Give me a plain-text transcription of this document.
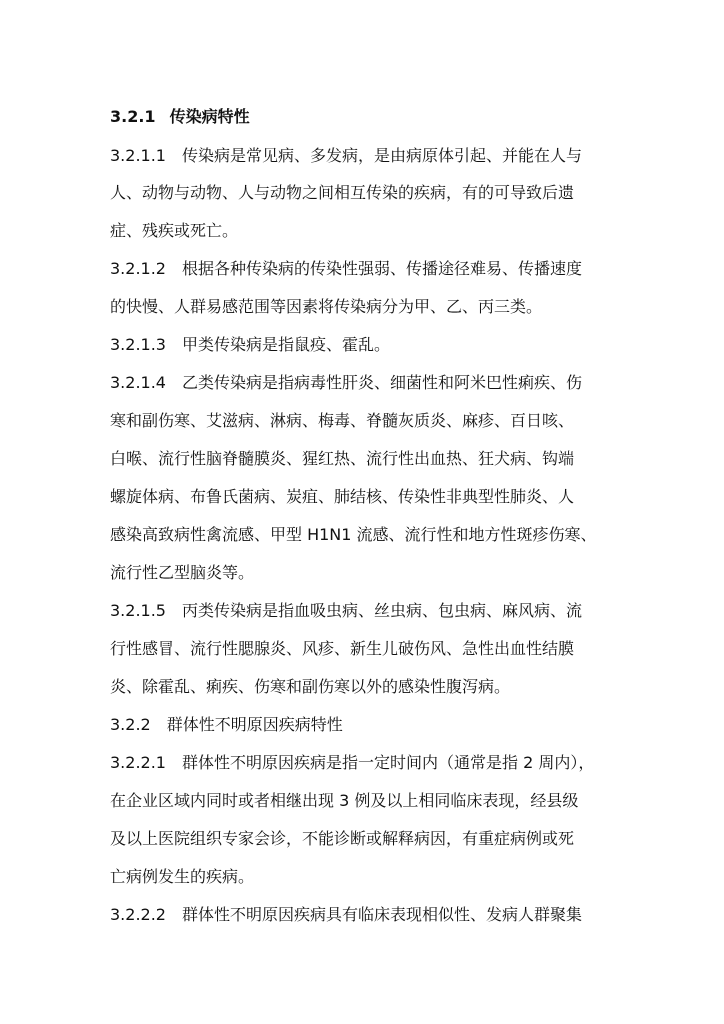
3.2.1 传染病特性
3.2.1.1　传染病是常见病、多发病，是由病原体引起、并能在人与
人、动物与动物、人与动物之间相互传染的疾病，有的可导致后遗
症、残疾或死亡。
3.2.1.2　根据各种传染病的传染性强弱、传播途径难易、传播速度
的快慢、人群易感范围等因素将传染病分为甲、乙、丙三类。
3.2.1.3　甲类传染病是指鼠疫、霍乱。
3.2.1.4　乙类传染病是指病毒性肝炎、细菌性和阿米巴性痢疾、伤
寒和副伤寒、艾滋病、淋病、梅毒、脊髓灰质炎、麻疹、百日咳、
白喉、流行性脑脊髓膜炎、猩红热、流行性出血热、狂犬病、钩端
螺旋体病、布鲁氏菌病、炭疽、肺结核、传染性非典型性肺炎、人
感染高致病性禽流感、甲型 H1N1 流感、流行性和地方性斑疹伤寒、
流行性乙型脑炎等。
3.2.1.5　丙类传染病是指血吸虫病、丝虫病、包虫病、麻风病、流
行性感冒、流行性腮腺炎、风疹、新生儿破伤风、急性出血性结膜
炎、除霍乱、痢疾、伤寒和副伤寒以外的感染性腹泻病。
3.2.2　群体性不明原因疾病特性
3.2.2.1　群体性不明原因疾病是指一定时间内（通常是指 2 周内），
在企业区域内同时或者相继出现 3 例及以上相同临床表现，经县级
及以上医院组织专家会诊，不能诊断或解释病因，有重症病例或死
亡病例发生的疾病。
3.2.2.2　群体性不明原因疾病具有临床表现相似性、发病人群聚集
